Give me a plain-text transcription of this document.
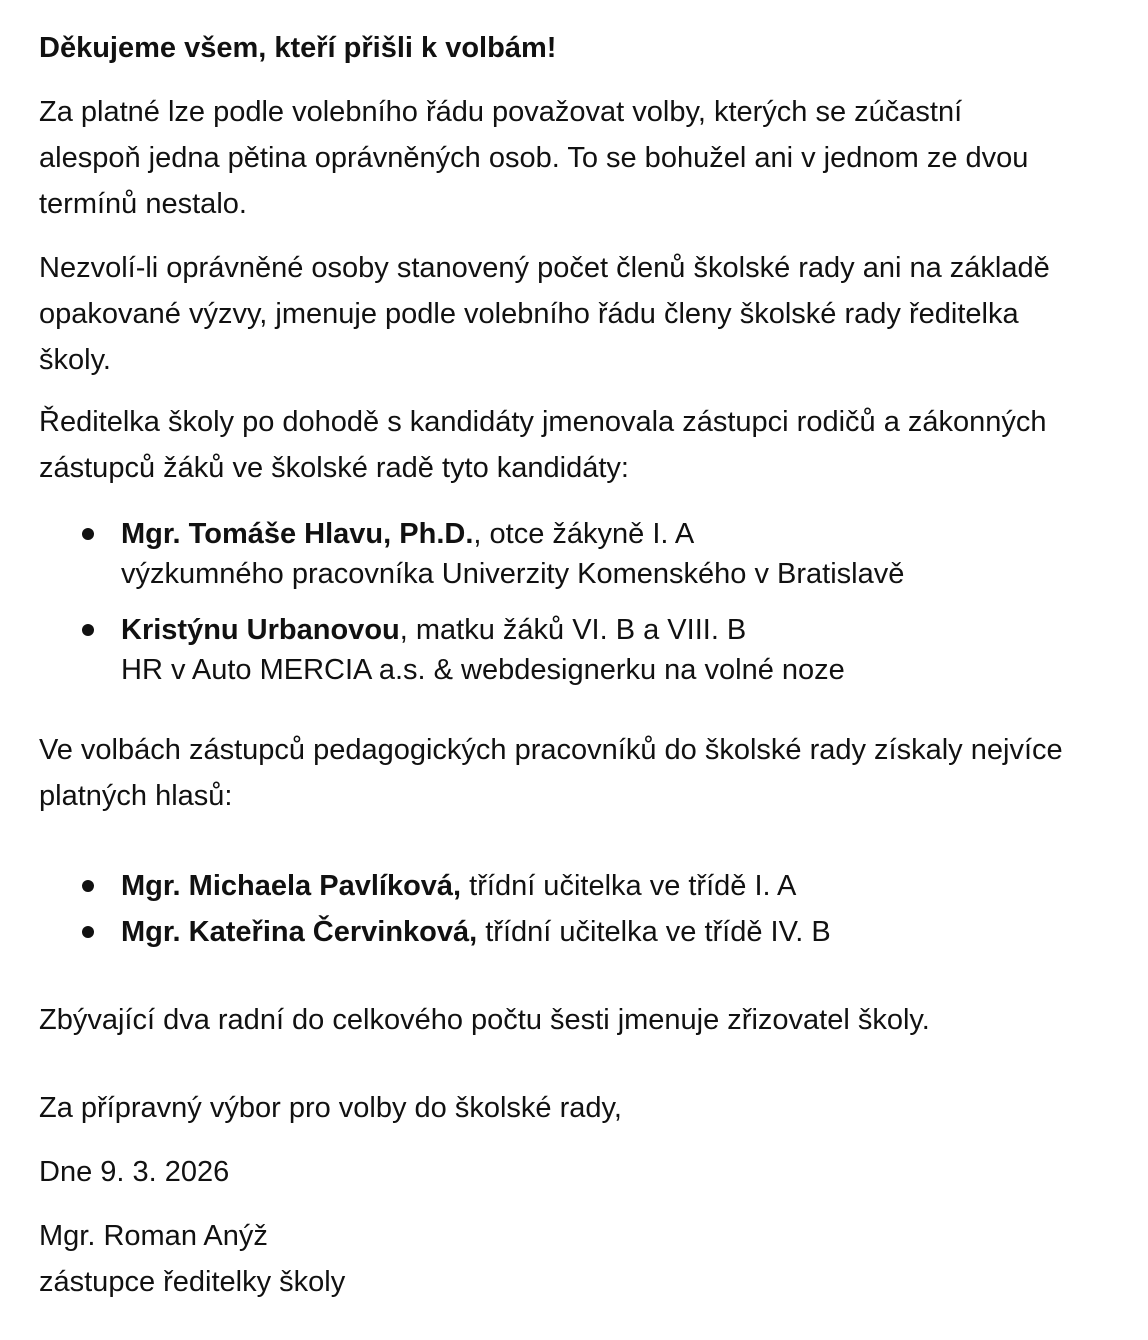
Děkujeme všem, kteří přišli k volbám!
Za platné lze podle volebního řádu považovat volby, kterých se zúčastní
alespoň jedna pětina oprávněných osob. To se bohužel ani v jednom ze dvou
termínů nestalo.
Nezvolí-li oprávněné osoby stanovený počet členů školské rady ani na základě
opakované výzvy, jmenuje podle volebního řádu členy školské rady ředitelka
školy.
Ředitelka školy po dohodě s kandidáty jmenovala zástupci rodičů a zákonných
zástupců žáků ve školské radě tyto kandidáty:
Mgr. Tomáše Hlavu, Ph.D., otce žákyně I. A
výzkumného pracovníka Univerzity Komenského v Bratislavě
Kristýnu Urbanovou, matku žáků VI. B a VIII. B
HR v Auto MERCIA a.s. & webdesignerku na volné noze
Ve volbách zástupců pedagogických pracovníků do školské rady získaly nejvíce
platných hlasů:
Mgr. Michaela Pavlíková, třídní učitelka ve třídě I. A
Mgr. Kateřina Červinková, třídní učitelka ve třídě IV. B
Zbývající dva radní do celkového počtu šesti jmenuje zřizovatel školy.
Za přípravný výbor pro volby do školské rady,
Dne 9. 3. 2026
Mgr. Roman Anýž
zástupce ředitelky školy
